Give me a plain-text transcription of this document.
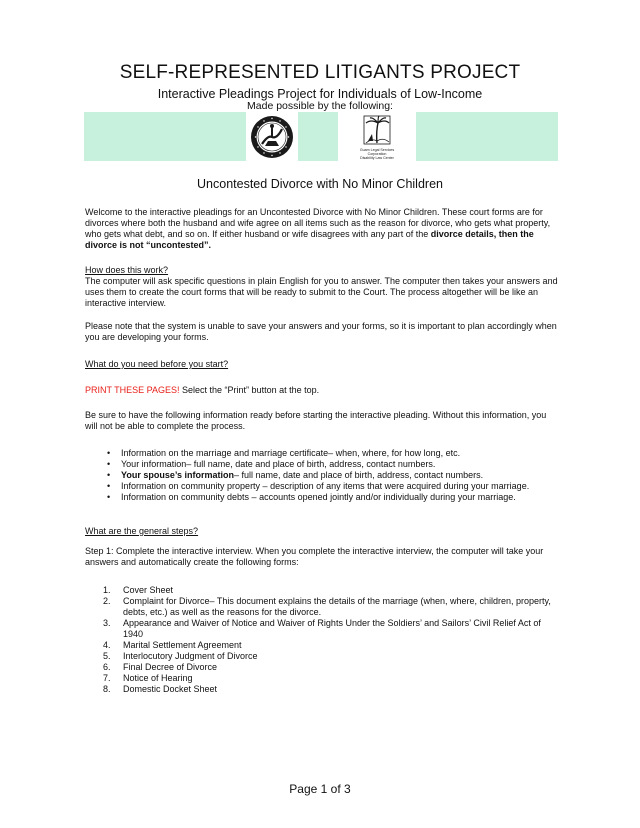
SELF-REPRESENTED LITIGANTS PROJECT
Interactive Pleadings Project for Individuals of Low-Income
Made possible by the following:
Guam Legal Services
Corporation
Disability Law Center
Uncontested Divorce with No Minor Children
Welcome to the interactive pleadings for an Uncontested Divorce with No Minor Children. These court forms are for divorces where both the husband and wife agree on all items such as the reason for divorce, who gets what property, who gets what debt, and so on. If either husband or wife disagrees with any part of the divorce details, then the divorce is not “uncontested”.
How does this work?
The computer will ask specific questions in plain English for you to answer. The computer then takes your answers and uses them to create the court forms that will be ready to submit to the Court. The process altogether will be like an interactive interview.
Please note that the system is unable to save your answers and your forms, so it is important to plan accordingly when you are developing your forms.
What do you need before you start?
PRINT THESE PAGES! Select the “Print” button at the top.
Be sure to have the following information ready before starting the interactive pleading. Without this information, you will not be able to complete the process.
• Information on the marriage and marriage certificate– when, where, for how long, etc.
• Your information– full name, date and place of birth, address, contact numbers.
• Your spouse’s information– full name, date and place of birth, address, contact numbers.
• Information on community property – description of any items that were acquired during your marriage.
• Information on community debts – accounts opened jointly and/or individually during your marriage.
What are the general steps?
Step 1: Complete the interactive interview. When you complete the interactive interview, the computer will take your answers and automatically create the following forms:
1. Cover Sheet
2. Complaint for Divorce– This document explains the details of the marriage (when, where, children, property, debts, etc.) as well as the reasons for the divorce.
3. Appearance and Waiver of Notice and Waiver of Rights Under the Soldiers’ and Sailors’ Civil Relief Act of 1940
4. Marital Settlement Agreement
5. Interlocutory Judgment of Divorce
6. Final Decree of Divorce
7. Notice of Hearing
8. Domestic Docket Sheet
Page 1 of 3
